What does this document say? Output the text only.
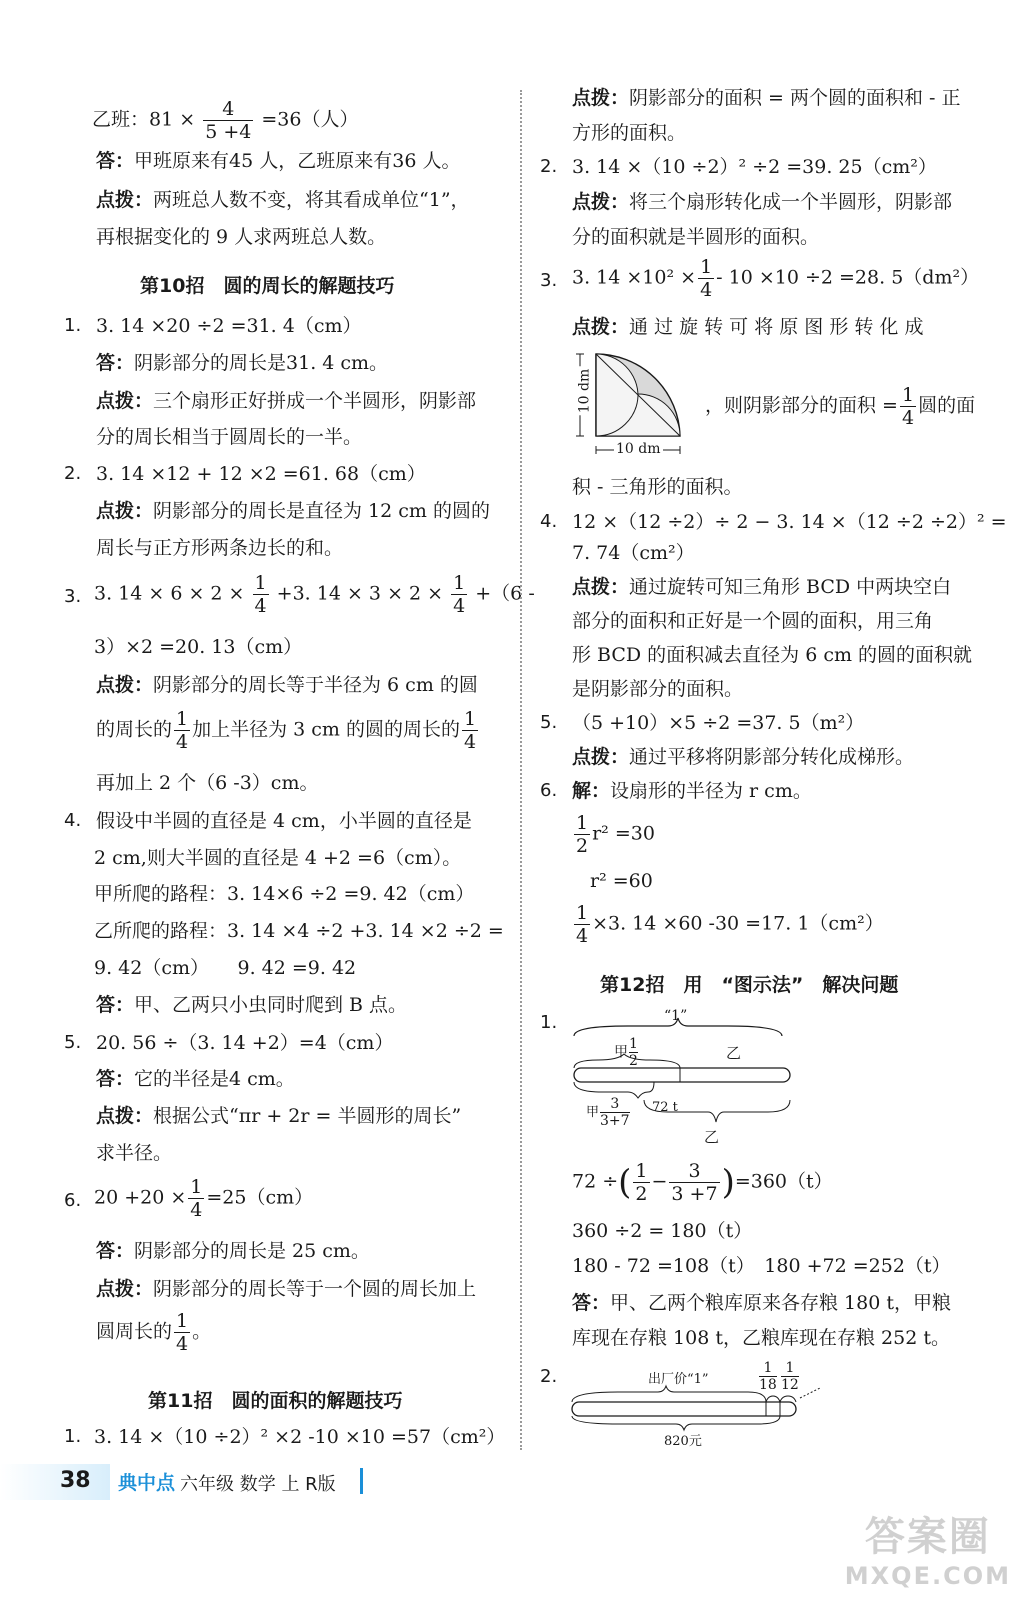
乙班：$81 \times \frac{4}{5 +4} =36$（人）
答：甲班原来有45 人，乙班原来有36 人。
点拨：两班总人数不变，将其看成单位“1”，
再根据变化的 9 人求两班总人数。
第10招　圆的周长的解题技巧
1. 3. 14 ×20 ÷2 =31. 4（cm）
答：阴影部分的周长是31. 4 cm。
点拨：三个扇形正好拼成一个半圆形，阴影部
分的周长相当于圆周长的一半。
2. 3. 14 ×12 + 12 ×2 =61. 68（cm）
点拨：阴影部分的周长是直径为 12 cm 的圆的
周长与正方形两条边长的和。
3. 3. $14 \times 6 \times 2 \times \frac{1}{4} +3$. $14 \times 3 \times 2 \times \frac{1}{4} +(6$ -
3）×2 =20. 13（cm）
点拨：阴影部分的周长等于半径为 6 cm 的圆
的周长的 $\frac{1}{4}$ 加上半径为 3 cm 的圆的周长的 $\frac{1}{4}$
再加上 2 个（6 -3）cm。
4. 假设中半圆的直径是 4 cm，小半圆的直径是
2 cm,则大半圆的直径是 4 +2 =6（cm）。
甲所爬的路程：3. 14×6 ÷2 =9. 42（cm）
乙所爬的路程：3. 14 ×4 ÷2 +3. 14 ×2 ÷2 =
9. 42（cm）　　9. 42 =9. 42
答：甲、乙两只小虫同时爬到 B 点。
5. 20. 56 ÷（3. 14 +2）=4（cm）
答：它的半径是4 cm。
点拨：根据公式“πr + 2r = 半圆形的周长”
求半径。
6. $20 +20 \times \frac{1}{4} =25(cm)$
答：阴影部分的周长是 25 cm。
点拨：阴影部分的周长等于一个圆的周长加上
圆周长的 $\frac{1}{4}$ 。
第11招　圆的面积的解题技巧
1. 3. 14 ×（10 ÷2）² ×2 -10 ×10 =57（cm²）
点拨：阴影部分的面积 = 两个圆的面积和 - 正
方形的面积。
2. 3. 14 ×（10 ÷2）² ÷2 =39. 25（cm²）
点拨：将三个扇形转化成一个半圆形，阴影部
分的面积就是半圆形的面积。
3. 3. $14 \times 10^2 \times \frac{1}{4} - 10 \times 10 \div 2 =28$. 5（dm²）
点拨：通 过 旋 转 可 将 原 图 形 转 化 成
10 dm
10 dm
，则阴影部分的面积 = $\frac{1}{4}$ 圆的面
积 - 三角形的面积。
4. 12 ×（12 ÷2）÷ 2 − 3. 14 ×（12 ÷2 ÷2）² =
7. 74（cm²）
点拨：通过旋转可知三角形 BCD 中两块空白
部分的面积和正好是一个圆的面积，用三角
形 BCD 的面积减去直径为 6 cm 的圆的面积就
是阴影部分的面积。
5. （5 +10）×5 ÷2 =37. 5（m²）
点拨：通过平移将阴影部分转化成梯形。
6. 解：设扇形的半径为 r cm。
$\frac{1}{2} r^2 =30$
r² =60
$\frac{1}{4} \times 3$. 14 ×60 -30 =17. 1（cm²）
第12招　用　“图示法”　解决问题
1.	“1”
甲 $\frac{1}{2}$	乙
甲 $\frac{3}{3+7} 72$ t
乙
72 ÷( $\frac{1}{2} - \frac{3}{3 +7} )=360(t)$
360 ÷2 = 180（t）
180 - 72 =108（t）　180 +72 =252（t）
答：甲、乙两个粮库原来各存粮 180 t，甲粮
库现在存粮 108 t，乙粮库现在存粮 252 t。
2.	出厂价“1”	$\frac{1}{18} \frac{1}{12}$
820元
38 典中点 六年级 数学 上 R版
答案圈
MXQE.COM
